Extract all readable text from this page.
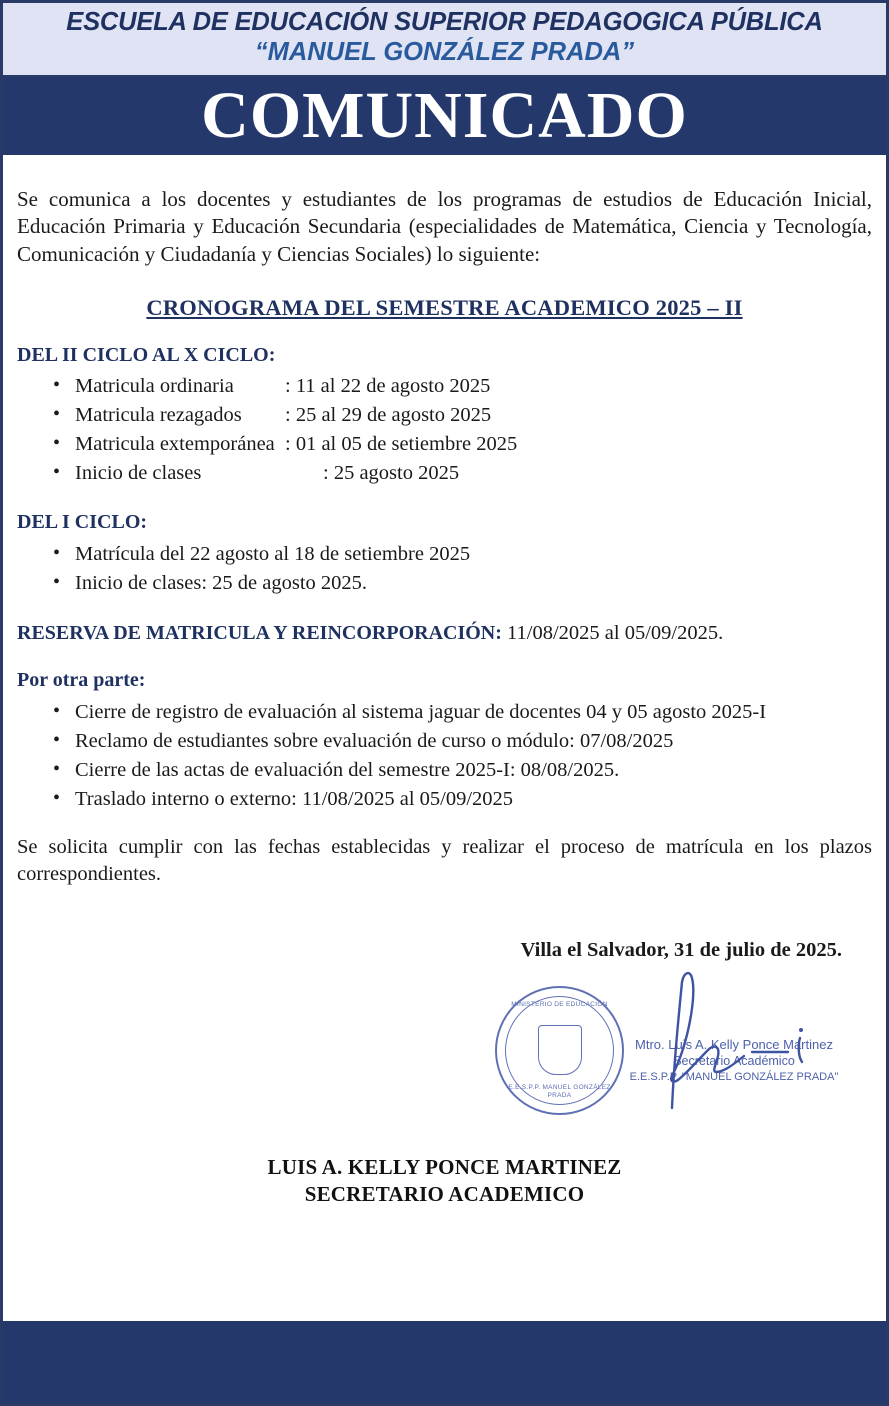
ESCUELA DE EDUCACIÓN SUPERIOR PEDAGOGICA PÚBLICA
“MANUEL GONZÁLEZ PRADA”
COMUNICADO

Se comunica a los docentes y estudiantes de los programas de estudios de Educación Inicial, Educación Primaria y Educación Secundaria (especialidades de Matemática, Ciencia y Tecnología, Comunicación y Ciudadanía y Ciencias Sociales) lo siguiente:

CRONOGRAMA DEL SEMESTRE ACADEMICO 2025 – II
DEL II CICLO AL X CICLO:
• Matricula ordinaria : 11 al 22 de agosto 2025
• Matricula rezagados : 25 al 29 de agosto 2025
• Matricula extemporánea : 01 al 05 de setiembre 2025
• Inicio de clases	: 25 agosto 2025
DEL I CICLO:
• Matrícula del 22 agosto al 18 de setiembre 2025
• Inicio de clases: 25 de agosto 2025.

RESERVA DE MATRICULA Y REINCORPORACIÓN: 11/08/2025 al 05/09/2025.

Por otra parte:
• Cierre de registro de evaluación al sistema jaguar de docentes 04 y 05 agosto 2025-I
• Reclamo de estudiantes sobre evaluación de curso o módulo: 07/08/2025
• Cierre de las actas de evaluación del semestre 2025-I: 08/08/2025.
• Traslado interno o externo: 11/08/2025 al 05/09/2025

Se solicita cumplir con las fechas establecidas y realizar el proceso de matrícula en los plazos correspondientes.

Villa el Salvador, 31 de julio de 2025.
MINISTERIO DE EDUCACIÓN
E.E.S.P.P. MANUEL GONZÁLEZ PRADA
Mtro. Luis A. Kelly Ponce Martinez
Secretario Académico
E.E.S.P.P. "MANUEL GONZÁLEZ PRADA"
LUIS A. KELLY PONCE MARTINEZ
SECRETARIO ACADEMICO
